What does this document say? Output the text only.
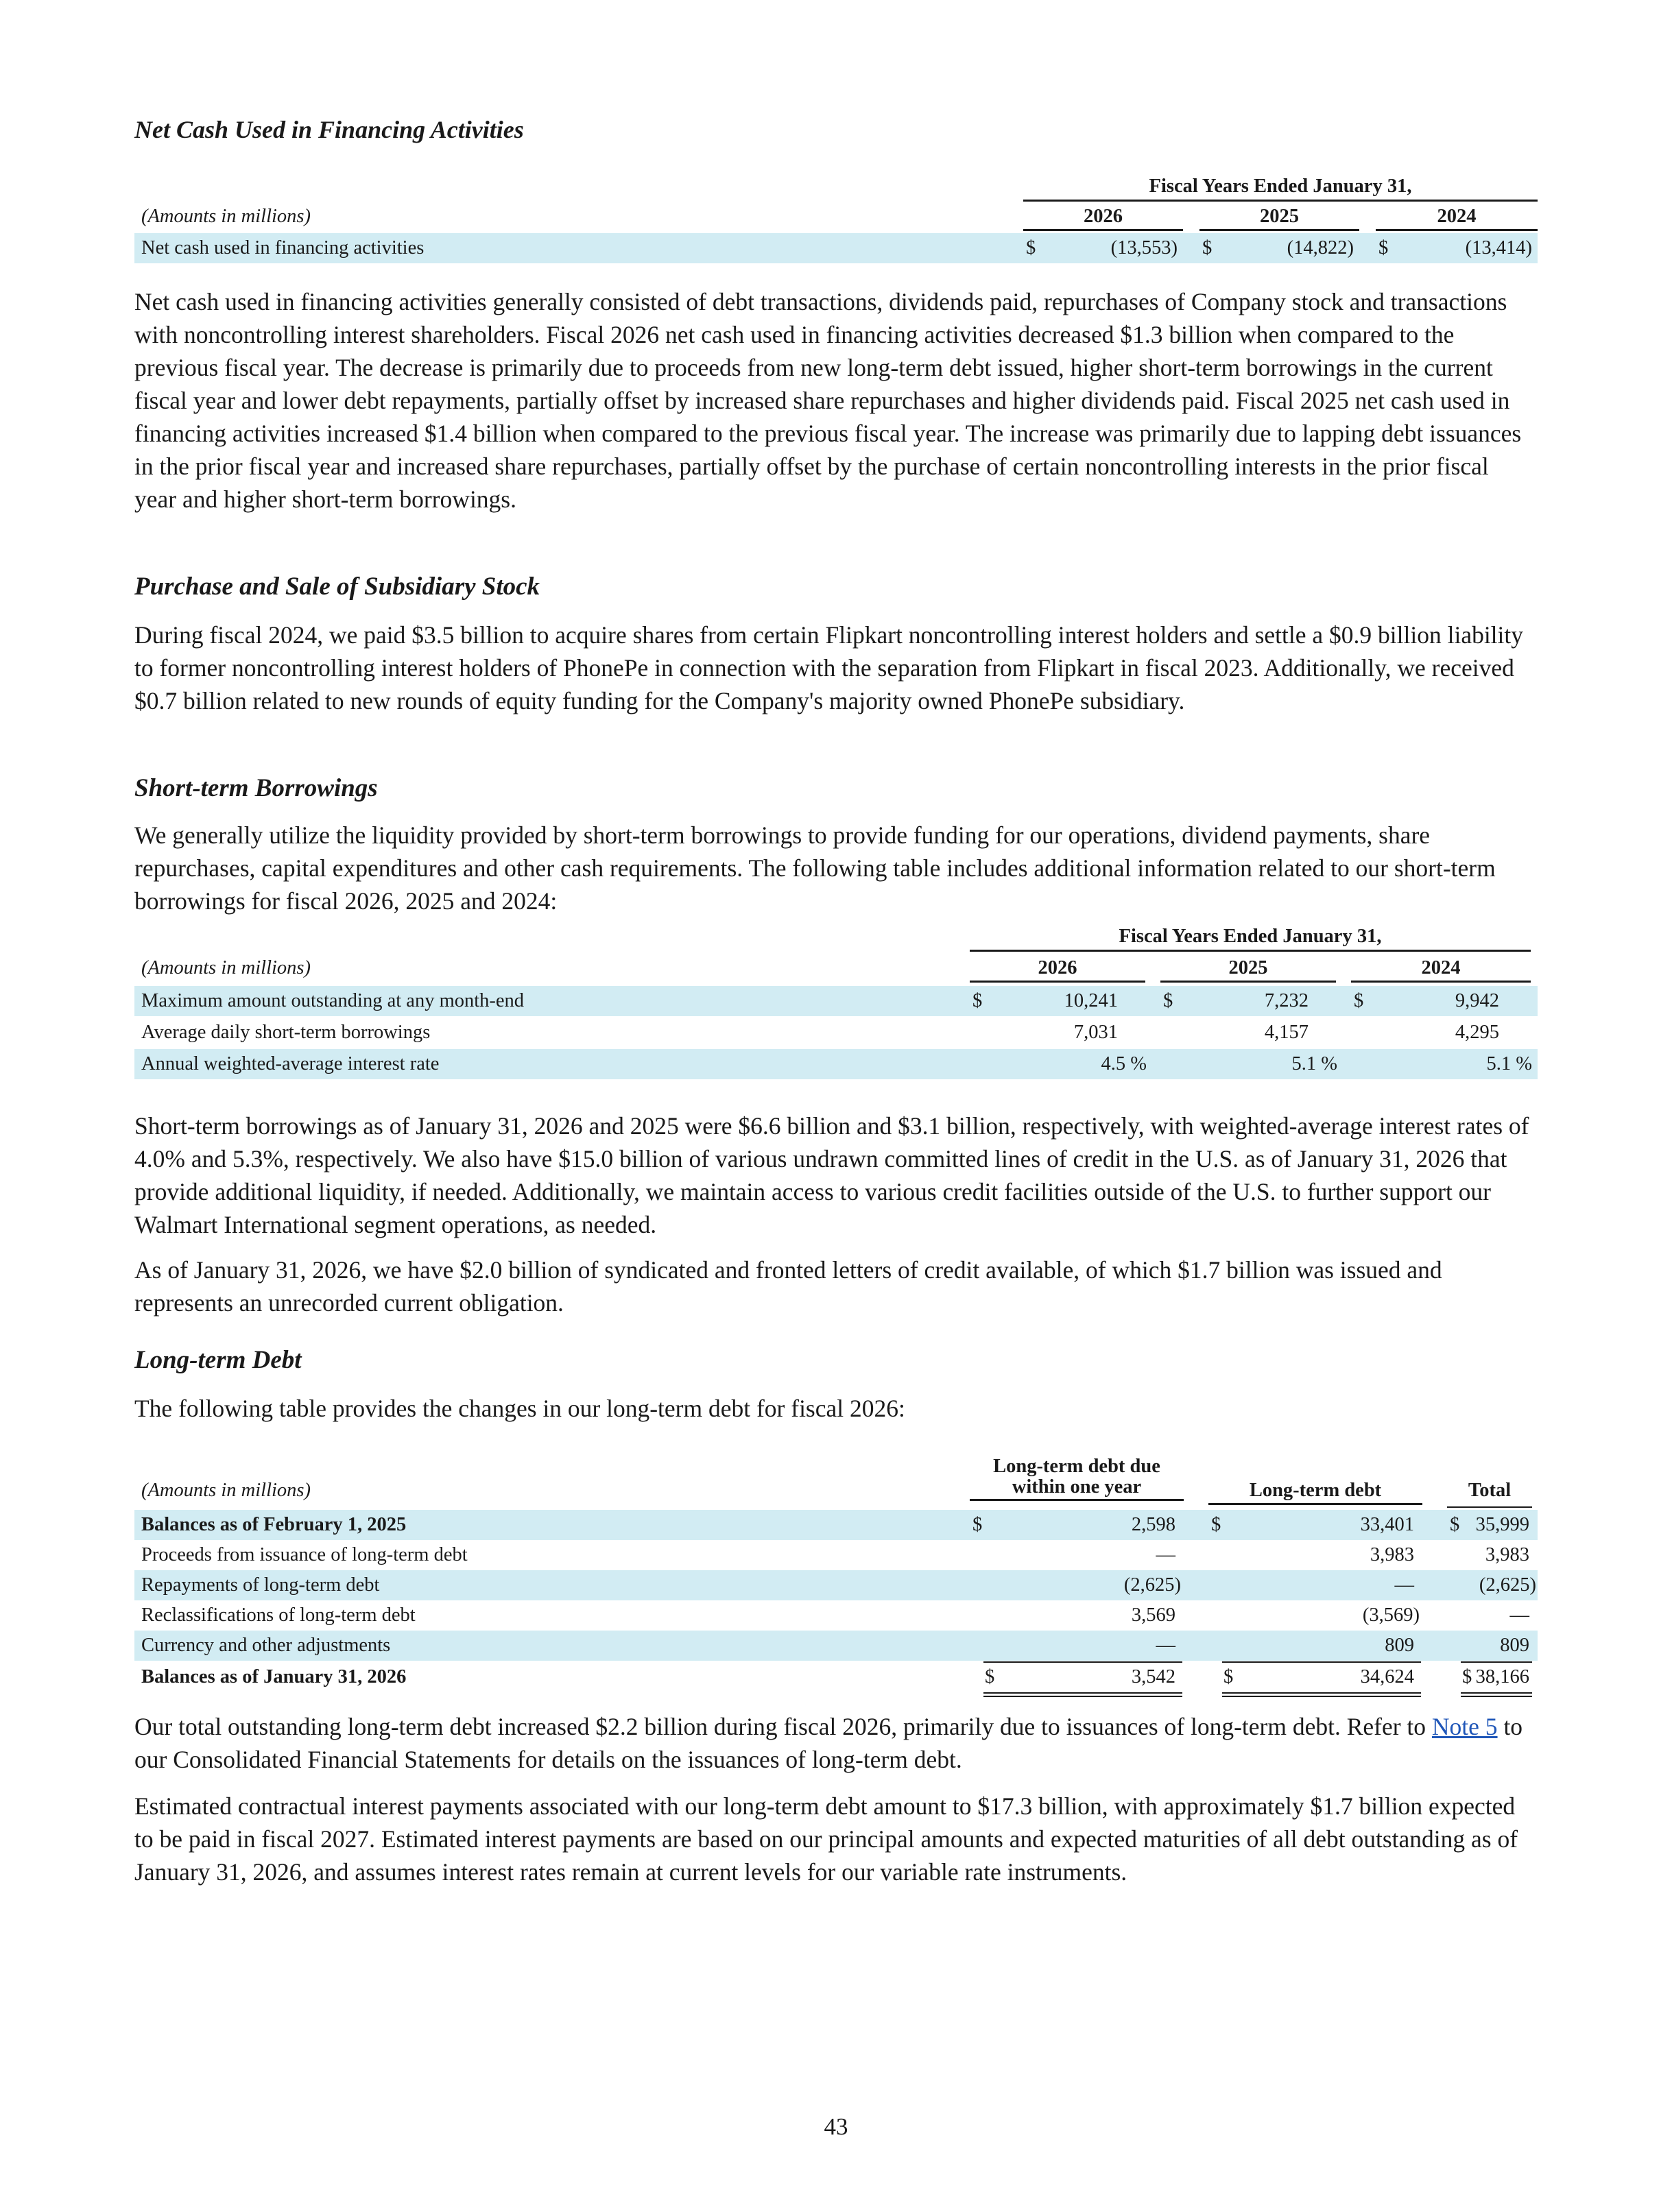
Net Cash Used in Financing Activities
Fiscal Years Ended January 31,
(Amounts in millions)	2026	2025	2024
Net cash used in financing activities	$	(13,553) $	(14,822) $	(13,414)

Net cash used in financing activities generally consisted of debt transactions, dividends paid, repurchases of Company stock and transactions with noncontrolling interest shareholders. Fiscal 2026 net cash used in financing activities decreased $1.3 billion when compared to the previous fiscal year. The decrease is primarily due to proceeds from new long-term debt issued, higher short-term borrowings in the current fiscal year and lower debt repayments, partially offset by increased share repurchases and higher dividends paid. Fiscal 2025 net cash used in financing activities increased $1.4 billion when compared to the previous fiscal year. The increase was primarily due to lapping debt issuances in the prior fiscal year and increased share repurchases, partially offset by the purchase of certain noncontrolling interests in the prior fiscal year and higher short-term borrowings.

Purchase and Sale of Subsidiary Stock

During fiscal 2024, we paid $3.5 billion to acquire shares from certain Flipkart noncontrolling interest holders and settle a $0.9 billion liability to former noncontrolling interest holders of PhonePe in connection with the separation from Flipkart in fiscal 2023. Additionally, we received $0.7 billion related to new rounds of equity funding for the Company's majority owned PhonePe subsidiary.

Short-term Borrowings

We generally utilize the liquidity provided by short-term borrowings to provide funding for our operations, dividend payments, share repurchases, capital expenditures and other cash requirements. The following table includes additional information related to our short-term borrowings for fiscal 2026, 2025 and 2024:

Fiscal Years Ended January 31,
(Amounts in millions)	2026	2025	2024
Maximum amount outstanding at any month-end	$	10,241 $	7,232 $	9,942
Average daily short-term borrowings	7,031	4,157	4,295
Annual weighted-average interest rate	4.5 %	5.1 %	5.1 %

Short-term borrowings as of January 31, 2026 and 2025 were $6.6 billion and $3.1 billion, respectively, with weighted-average interest rates of 4.0% and 5.3%, respectively. We also have $15.0 billion of various undrawn committed lines of credit in the U.S. as of January 31, 2026 that provide additional liquidity, if needed. Additionally, we maintain access to various credit facilities outside of the U.S. to further support our Walmart International segment operations, as needed.

As of January 31, 2026, we have $2.0 billion of syndicated and fronted letters of credit available, of which $1.7 billion was issued and represents an unrecorded current obligation.

Long-term Debt

The following table provides the changes in our long-term debt for fiscal 2026:

Long-term debt due
within one year
(Amounts in millions)	Long-term debt	Total
Balances as of February 1, 2025	$	2,598 $	33,401 $ 35,999
Proceeds from issuance of long-term debt	—	3,983	3,983
Repayments of long-term debt	(2,625)	—	(2,625)
Reclassifications of long-term debt	3,569	(3,569)	—
Currency and other adjustments	—	809	809
Balances as of January 31, 2026	$	3,542 $	34,624 $ 38,166

Our total outstanding long-term debt increased $2.2 billion during fiscal 2026, primarily due to issuances of long-term debt. Refer to Note 5 to our Consolidated Financial Statements for details on the issuances of long-term debt.

Estimated contractual interest payments associated with our long-term debt amount to $17.3 billion, with approximately $1.7 billion expected to be paid in fiscal 2027. Estimated interest payments are based on our principal amounts and expected maturities of all debt outstanding as of January 31, 2026, and assumes interest rates remain at current levels for our variable rate instruments.

43
